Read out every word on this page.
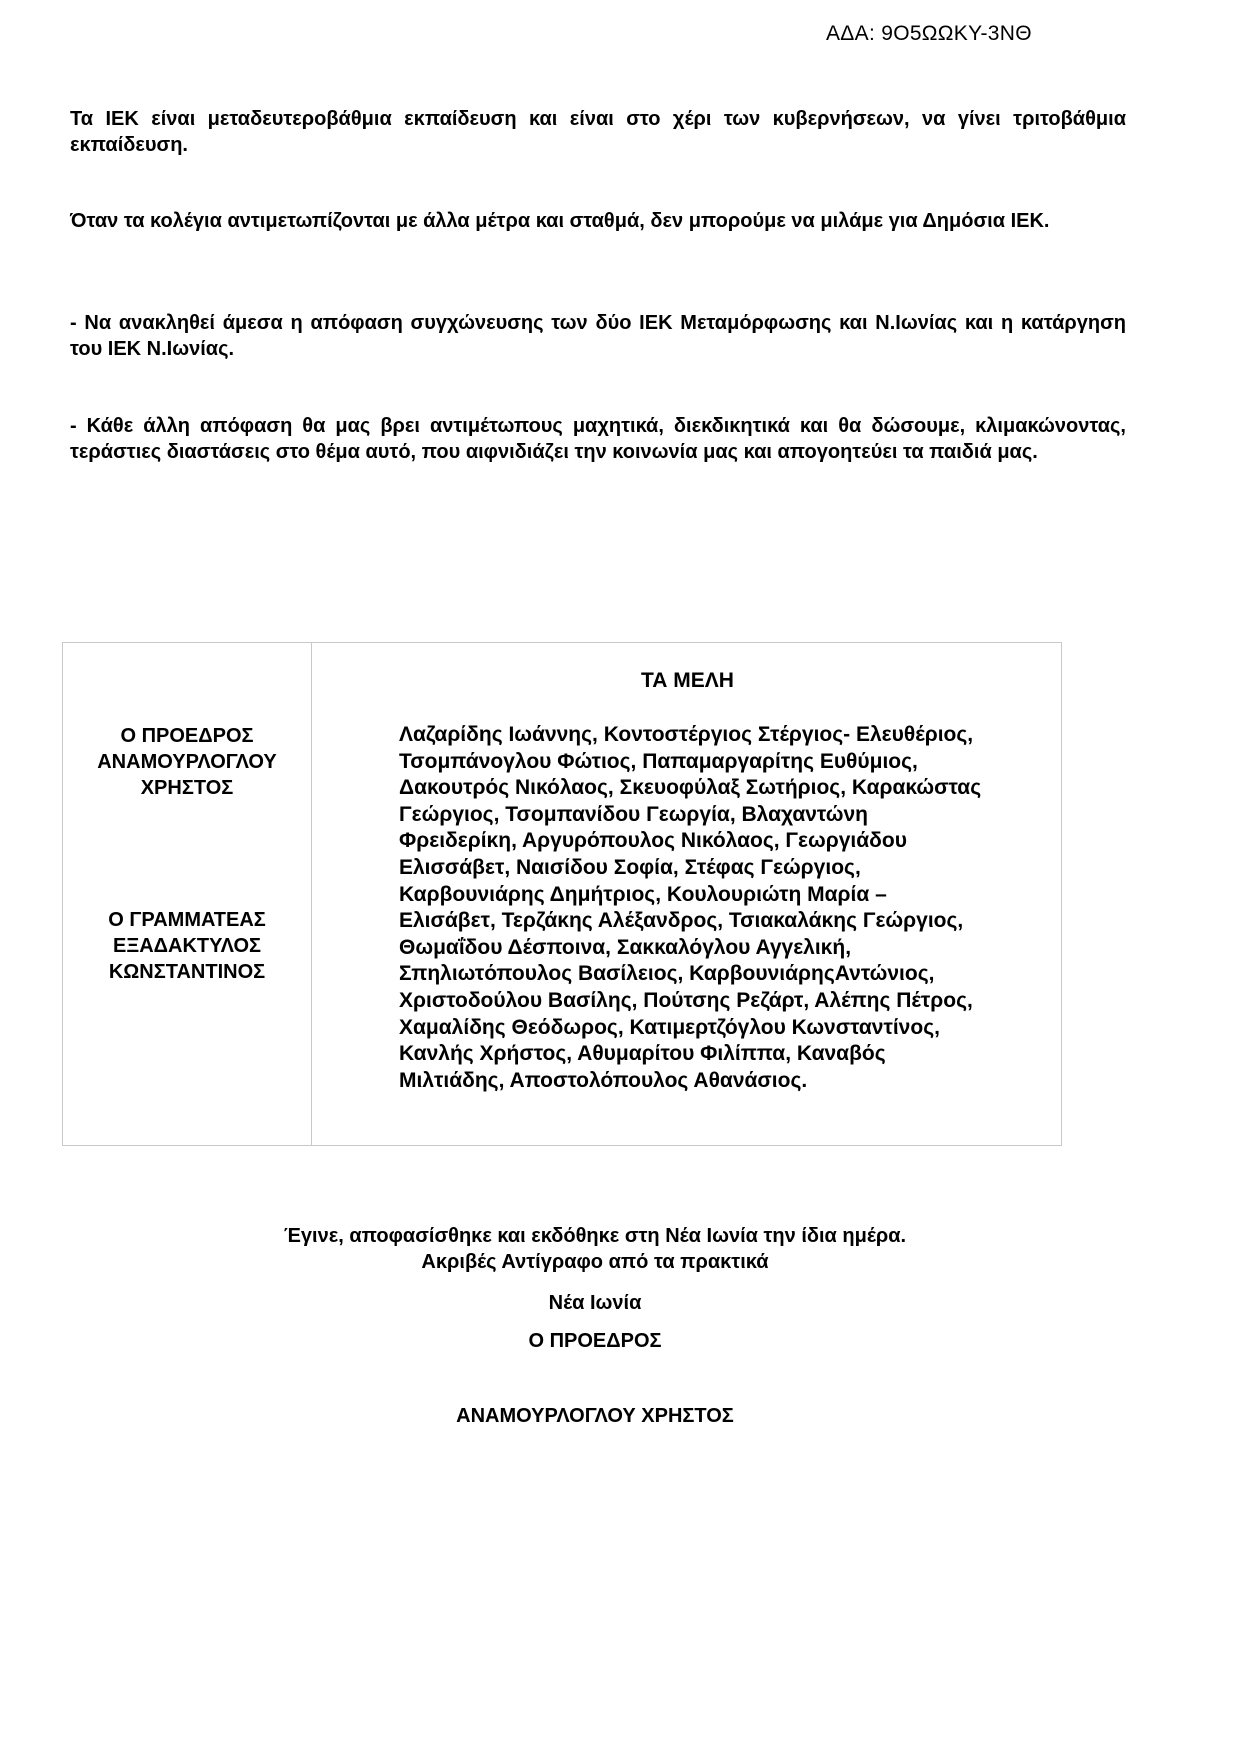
ΑΔΑ: 9Ο5ΩΩΚΥ-3ΝΘ
Τα ΙΕΚ είναι μεταδευτεροβάθμια εκπαίδευση και είναι στο χέρι των κυβερνήσεων, να γίνει τριτοβάθμια εκπαίδευση.
Όταν τα κολέγια αντιμετωπίζονται με άλλα μέτρα και σταθμά, δεν μπορούμε να μιλάμε για Δημόσια ΙΕΚ.
- Να ανακληθεί άμεσα η απόφαση συγχώνευσης των δύο ΙΕΚ Μεταμόρφωσης και Ν.Ιωνίας και η κατάργηση του ΙΕΚ Ν.Ιωνίας.
- Κάθε άλλη απόφαση θα μας βρει αντιμέτωπους μαχητικά, διεκδικητικά και θα δώσουμε, κλιμακώνοντας, τεράστιες διαστάσεις στο θέμα αυτό, που αιφνιδιάζει την κοινωνία μας και απογοητεύει τα παιδιά μας.
Ο ΠΡΟΕΔΡΟΣ
ΑΝΑΜΟΥΡΛΟΓΛΟΥ
ΧΡΗΣΤΟΣ
Ο ΓΡΑΜΜΑΤΕΑΣ
ΕΞΑΔΑΚΤΥΛΟΣ
ΚΩΝΣΤΑΝΤΙΝΟΣ
ΤΑ ΜΕΛΗ
Λαζαρίδης Ιωάννης, Κοντοστέργιος Στέργιος- Ελευθέριος,
Τσομπάνογλου Φώτιος, Παπαμαργαρίτης Ευθύμιος,
Δακουτρός Νικόλαος, Σκευοφύλαξ Σωτήριος, Καρακώστας
Γεώργιος, Τσομπανίδου Γεωργία, Βλαχαντώνη
Φρειδερίκη, Αργυρόπουλος Νικόλαος, Γεωργιάδου
Ελισσάβετ, Ναισίδου Σοφία, Στέφας Γεώργιος,
Καρβουνιάρης Δημήτριος, Κουλουριώτη Μαρία –
Ελισάβετ, Τερζάκης Αλέξανδρος, Τσιακαλάκης Γεώργιος,
Θωμαΐδου Δέσποινα, Σακκαλόγλου Αγγελική,
Σπηλιωτόπουλος Βασίλειος, ΚαρβουνιάρηςΑντώνιος,
Χριστοδούλου Βασίλης, Πούτσης Ρεζάρτ, Αλέπης Πέτρος,
Χαμαλίδης Θεόδωρος, Κατιμερτζόγλου Κωνσταντίνος,
Κανλής Χρήστος, Αθυμαρίτου Φιλίππα, Καναβός
Μιλτιάδης, Αποστολόπουλος Αθανάσιος.
Έγινε, αποφασίσθηκε και εκδόθηκε στη Νέα Ιωνία την ίδια ημέρα.
Ακριβές Αντίγραφο από τα πρακτικά
Νέα Ιωνία
Ο ΠΡΟΕΔΡΟΣ
ΑΝΑΜΟΥΡΛΟΓΛΟΥ ΧΡΗΣΤΟΣ
